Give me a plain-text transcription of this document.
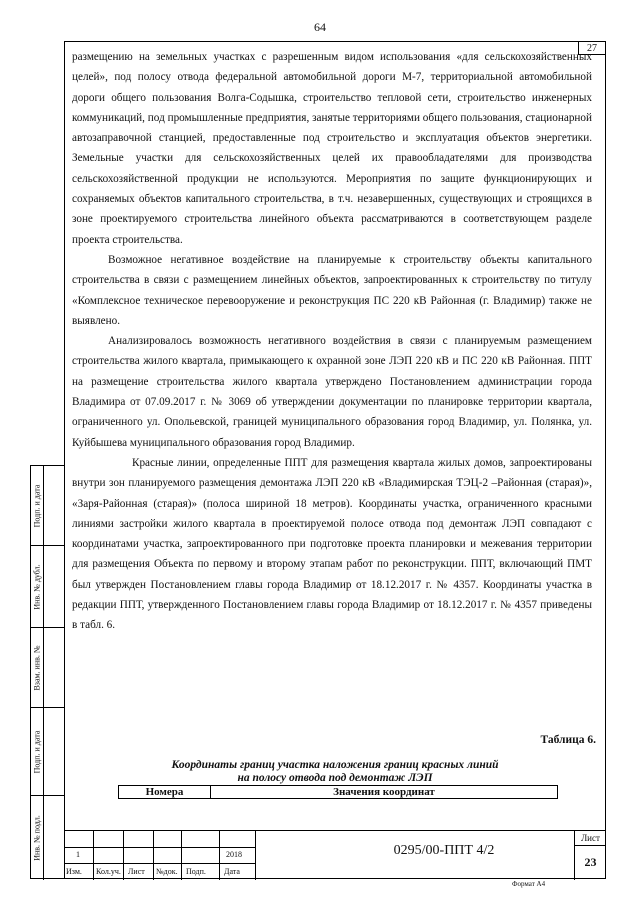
64
27

размещению на земельных участках с разрешенным видом использования «для сельскохозяйственных целей», под полосу отвода федеральной автомобильной дороги М-7, территориальной автомобильной дороги общего пользования Волга-Содышка, строительство тепловой сети, строительство инженерных коммуникаций, под промышленные предприятия, занятые территориями общего пользования, стационарной автозаправочной станцией, предоставленные под строительство и эксплуатация объектов энергетики. Земельные участки для сельскохозяйственных целей их правообладателями для производства сельскохозяйственной продукции не используются. Мероприятия по защите функционирующих и сохраняемых объектов капитального строительства, в т.ч. незавершенных, существующих и строящихся в зоне проектируемого строительства линейного объекта рассматриваются в соответствующем разделе проекта строительства.

Возможное негативное воздействие на планируемые к строительству объекты капитального строительства в связи с размещением линейных объектов, запроектированных к строительству по титулу «Комплексное техническое перевооружение и реконструкция ПС 220 кВ Районная (г. Владимир) также не выявлено.

Анализировалось возможность негативного воздействия в связи с планируемым размещением строительства жилого квартала, примыкающего к охранной зоне ЛЭП 220 кВ и ПС 220 кВ Районная. ППТ на размещение строительства жилого квартала утверждено Постановлением администрации города Владимира от 07.09.2017 г. № 3069 об утверждении документации по планировке территории квартала, ограниченного ул. Опольевской, границей муниципального образования город Владимир, ул. Полянка, ул. Куйбышева муниципального образования город Владимир.

Красные линии, определенные ППТ для размещения квартала жилых домов, запроектированы внутри зон планируемого размещения демонтажа ЛЭП 220 кВ «Владимирская ТЭЦ-2 –Районная (старая)», «Заря-Районная (старая)» (полоса шириной 18 метров). Координаты участка, ограниченного красными линиями застройки жилого квартала в проектируемой полосе отвода под демонтаж ЛЭП совпадают с координатами участка, запроектированного при подготовке проекта планировки и межевания территории для размещения Объекта по первому и второму этапам работ по реконструкции. ППТ, включающий ПМТ был утвержден Постановлением главы города Владимир от 18.12.2017 г. № 4357. Координаты участка в редакции ППТ, утвержденного Постановлением главы города Владимир от 18.12.2017 г. № 4357 приведены в табл. 6.

Таблица 6.
Координаты границ участка наложения границ красных линий
на полосу отвода под демонтаж ЛЭП
Номера	Значения координат
Подп. и дата
Инв. № дубл.
Взам. инв. №
Подп. и дата
Инв. № подл.	1	2018
Изм. Кол.уч. Лист №док. Подп. Дата
0295/00-ППТ 4/2
Лист
23
Формат А4
